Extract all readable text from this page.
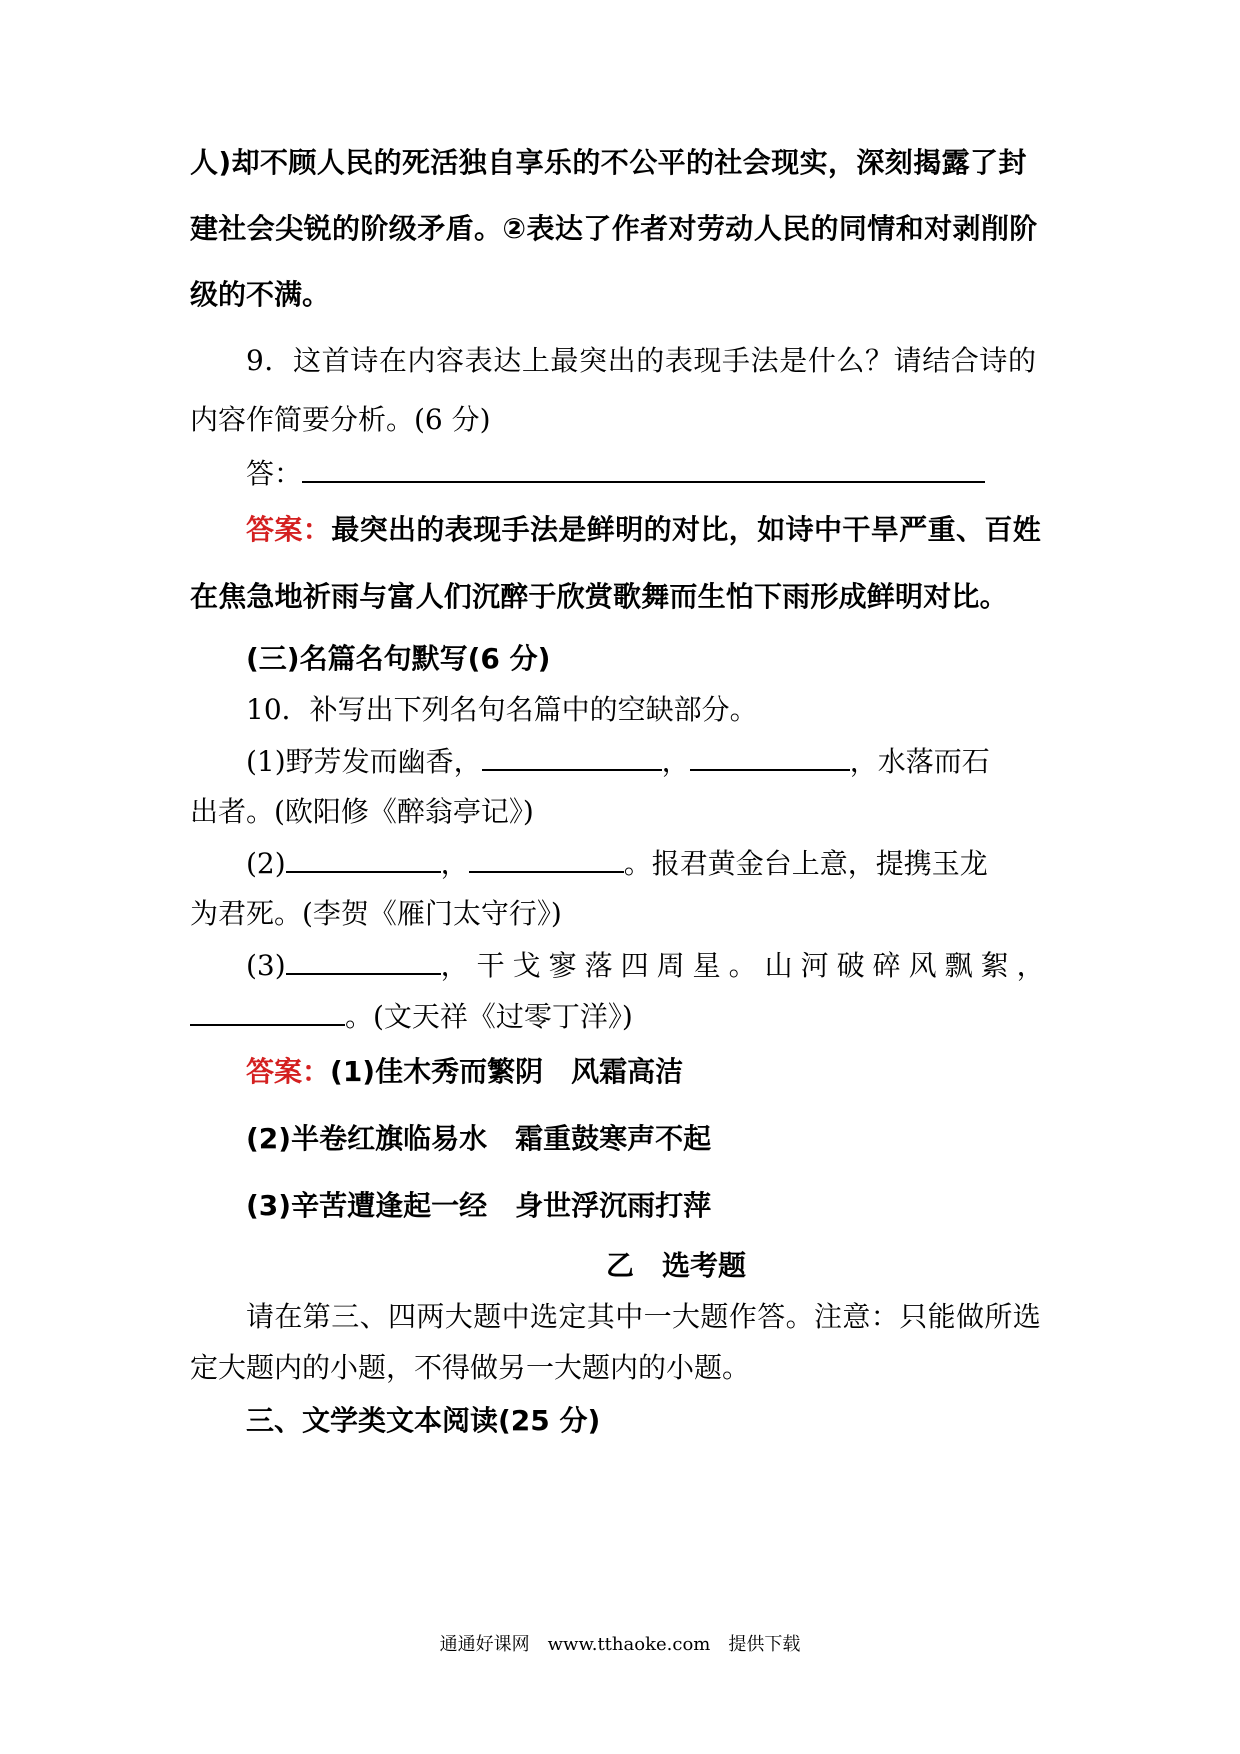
人)却不顾人民的死活独自享乐的不公平的社会现实，深刻揭露了封
建社会尖锐的阶级矛盾。②表达了作者对劳动人民的同情和对剥削阶
级的不满。
9．这首诗在内容表达上最突出的表现手法是什么？请结合诗的
内容作简要分析。(6 分)
答：
答案：最突出的表现手法是鲜明的对比，如诗中干旱严重、百姓
在焦急地祈雨与富人们沉醉于欣赏歌舞而生怕下雨形成鲜明对比。
(三)名篇名句默写(6 分)
10．补写出下列名句名篇中的空缺部分。
(1)野芳发而幽香，	，	，水落而石
出者。(欧阳修《醉翁亭记》)
(2)	，	。报君黄金台上意，提携玉龙
为君死。(李贺《雁门太守行》)
(3)	，干戈寥落四周星。山河破碎风飘絮，
。(文天祥《过零丁洋》)
答案：(1)佳木秀而繁阴　风霜高洁
(2)半卷红旗临易水　霜重鼓寒声不起
(3)辛苦遭逢起一经　身世浮沉雨打萍
乙　选考题
请在第三、四两大题中选定其中一大题作答。注意：只能做所选
定大题内的小题，不得做另一大题内的小题。
三、文学类文本阅读(25 分)
通通好课网　www.tthaoke.com　提供下载
